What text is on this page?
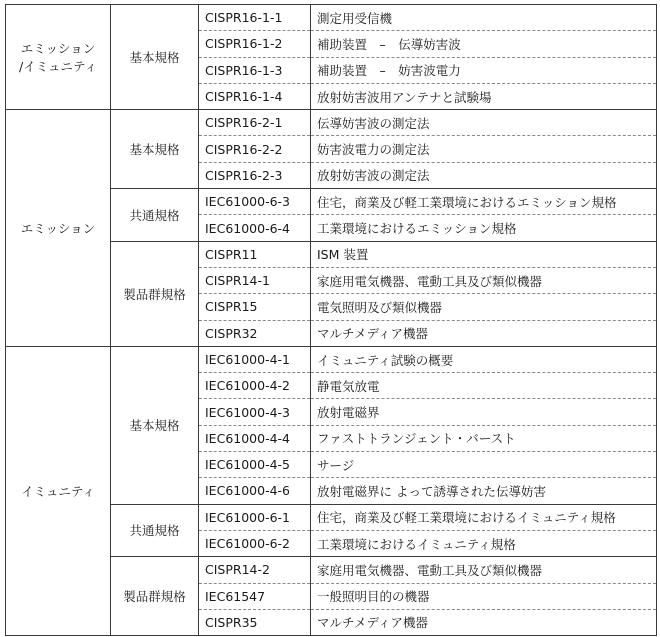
エミッション
/イミュニティ	基本規格	CISPR16-1-1	測定用受信機
		CISPR16-1-2	補助装置　–　伝導妨害波
		CISPR16-1-3	補助装置　–　妨害波電力
		CISPR16-1-4	放射妨害波用アンテナと試験場
エミッション	基本規格	CISPR16-2-1	伝導妨害波の測定法
		CISPR16-2-2	妨害波電力の測定法
		CISPR16-2-3	放射妨害波の測定法
	共通規格	IEC61000-6-3	住宅，商業及び軽工業環境におけるエミッション規格
		IEC61000-6-4	工業環境におけるエミッション規格
	製品群規格	CISPR11	ISM 装置
		CISPR14-1	家庭用電気機器、電動工具及び類似機器
		CISPR15	電気照明及び類似機器
		CISPR32	マルチメディア機器
イミュニティ	基本規格	IEC61000-4-1	イミュニティ試験の概要
		IEC61000-4-2	静電気放電
		IEC61000-4-3	放射電磁界
		IEC61000-4-4	ファストトランジェント・バースト
		IEC61000-4-5	サージ
		IEC61000-4-6	放射電磁界に よって誘導された伝導妨害
	共通規格	IEC61000-6-1	住宅，商業及び軽工業環境におけるイミュニティ規格
		IEC61000-6-2	工業環境におけるイミュニティ規格
	製品群規格	CISPR14-2	家庭用電気機器、電動工具及び類似機器
		IEC61547	一般照明目的の機器
		CISPR35	マルチメディア機器
